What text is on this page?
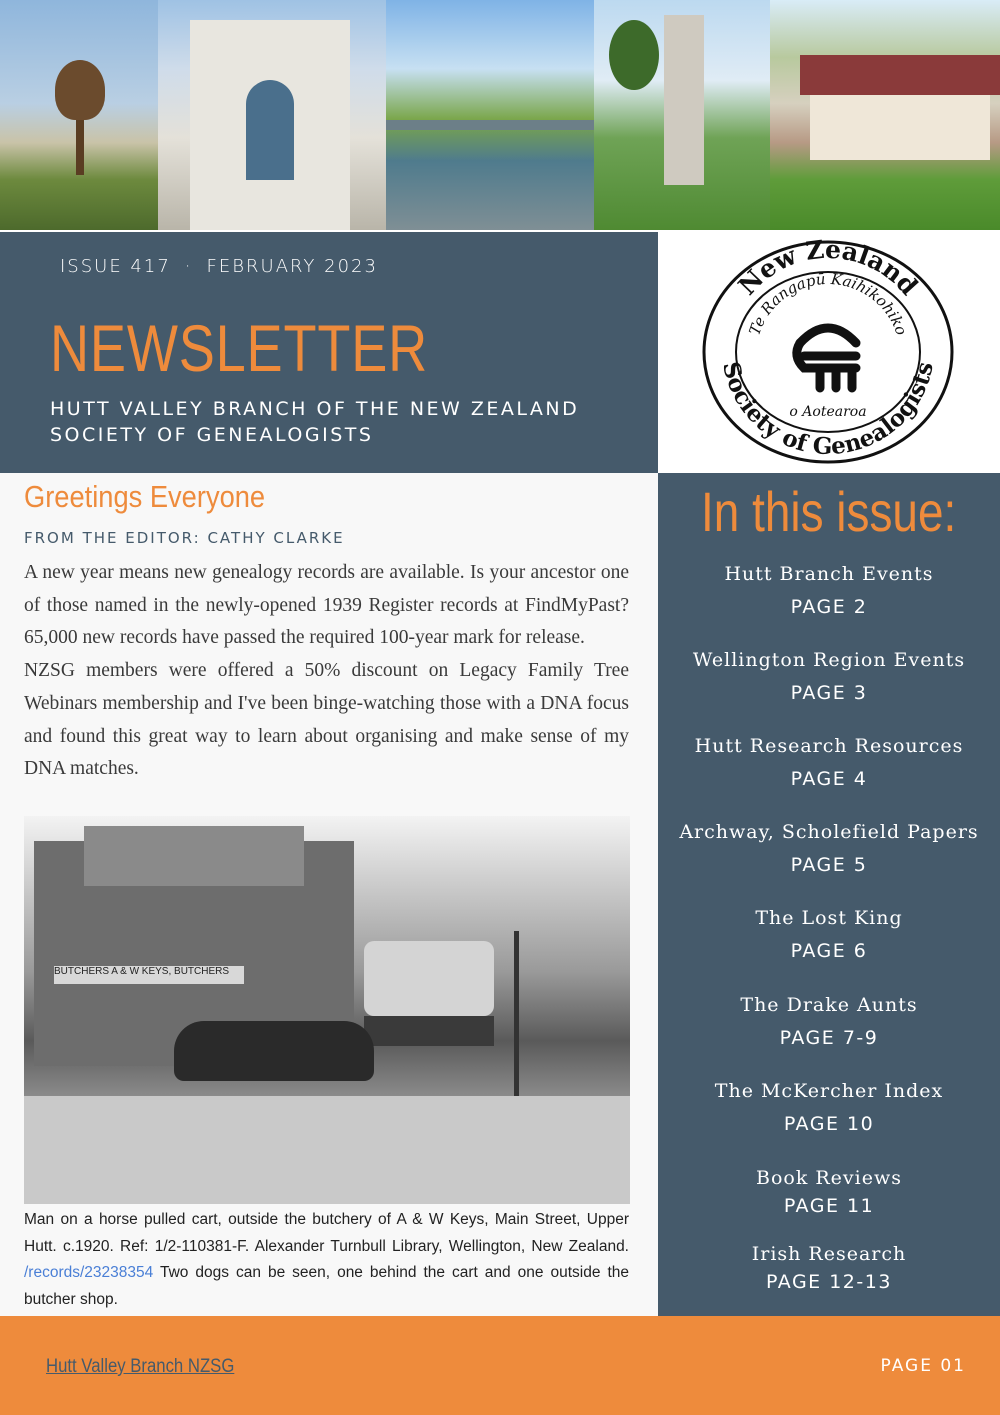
ISSUE 417 · FEBRUARY 2023
NEWSLETTER
HUTT VALLEY BRANCH OF THE NEW ZEALAND SOCIETY OF GENEALOGISTS
New Zealand
Te Rangapū Kaihikohiko
Society of Genealogists
o Aotearoa
Greetings Everyone
FROM THE EDITOR: CATHY CLARKE

A new year means new genealogy records are available. Is your ancestor one of those named in the newly-opened 1939 Register records at FindMyPast? 65,000 new records have passed the required 100-year mark for release.

NZSG members were offered a 50% discount on Legacy Family Tree Webinars membership and I've been binge-watching those with a DNA focus and found this great way to learn about organising and make sense of my DNA matches.

BUTCHERS A & W KEYS, BUTCHERS
Man on a horse pulled cart, outside the butchery of A & W Keys, Main Street, Upper Hutt. c.1920. Ref: 1/2-110381-F. Alexander Turnbull Library, Wellington, New Zealand. /records/23238354 Two dogs can be seen, one behind the cart and one outside the butcher shop.
In this issue:
Hutt Branch Events
PAGE 2
Wellington Region Events
PAGE 3
Hutt Research Resources
PAGE 4
Archway, Scholefield Papers
PAGE 5
The Lost King
PAGE 6
The Drake Aunts
PAGE 7-9
The McKercher Index
PAGE 10
Book Reviews
PAGE 11
Irish Research
PAGE 12-13
Hutt Valley Branch NZSG	PAGE 01
